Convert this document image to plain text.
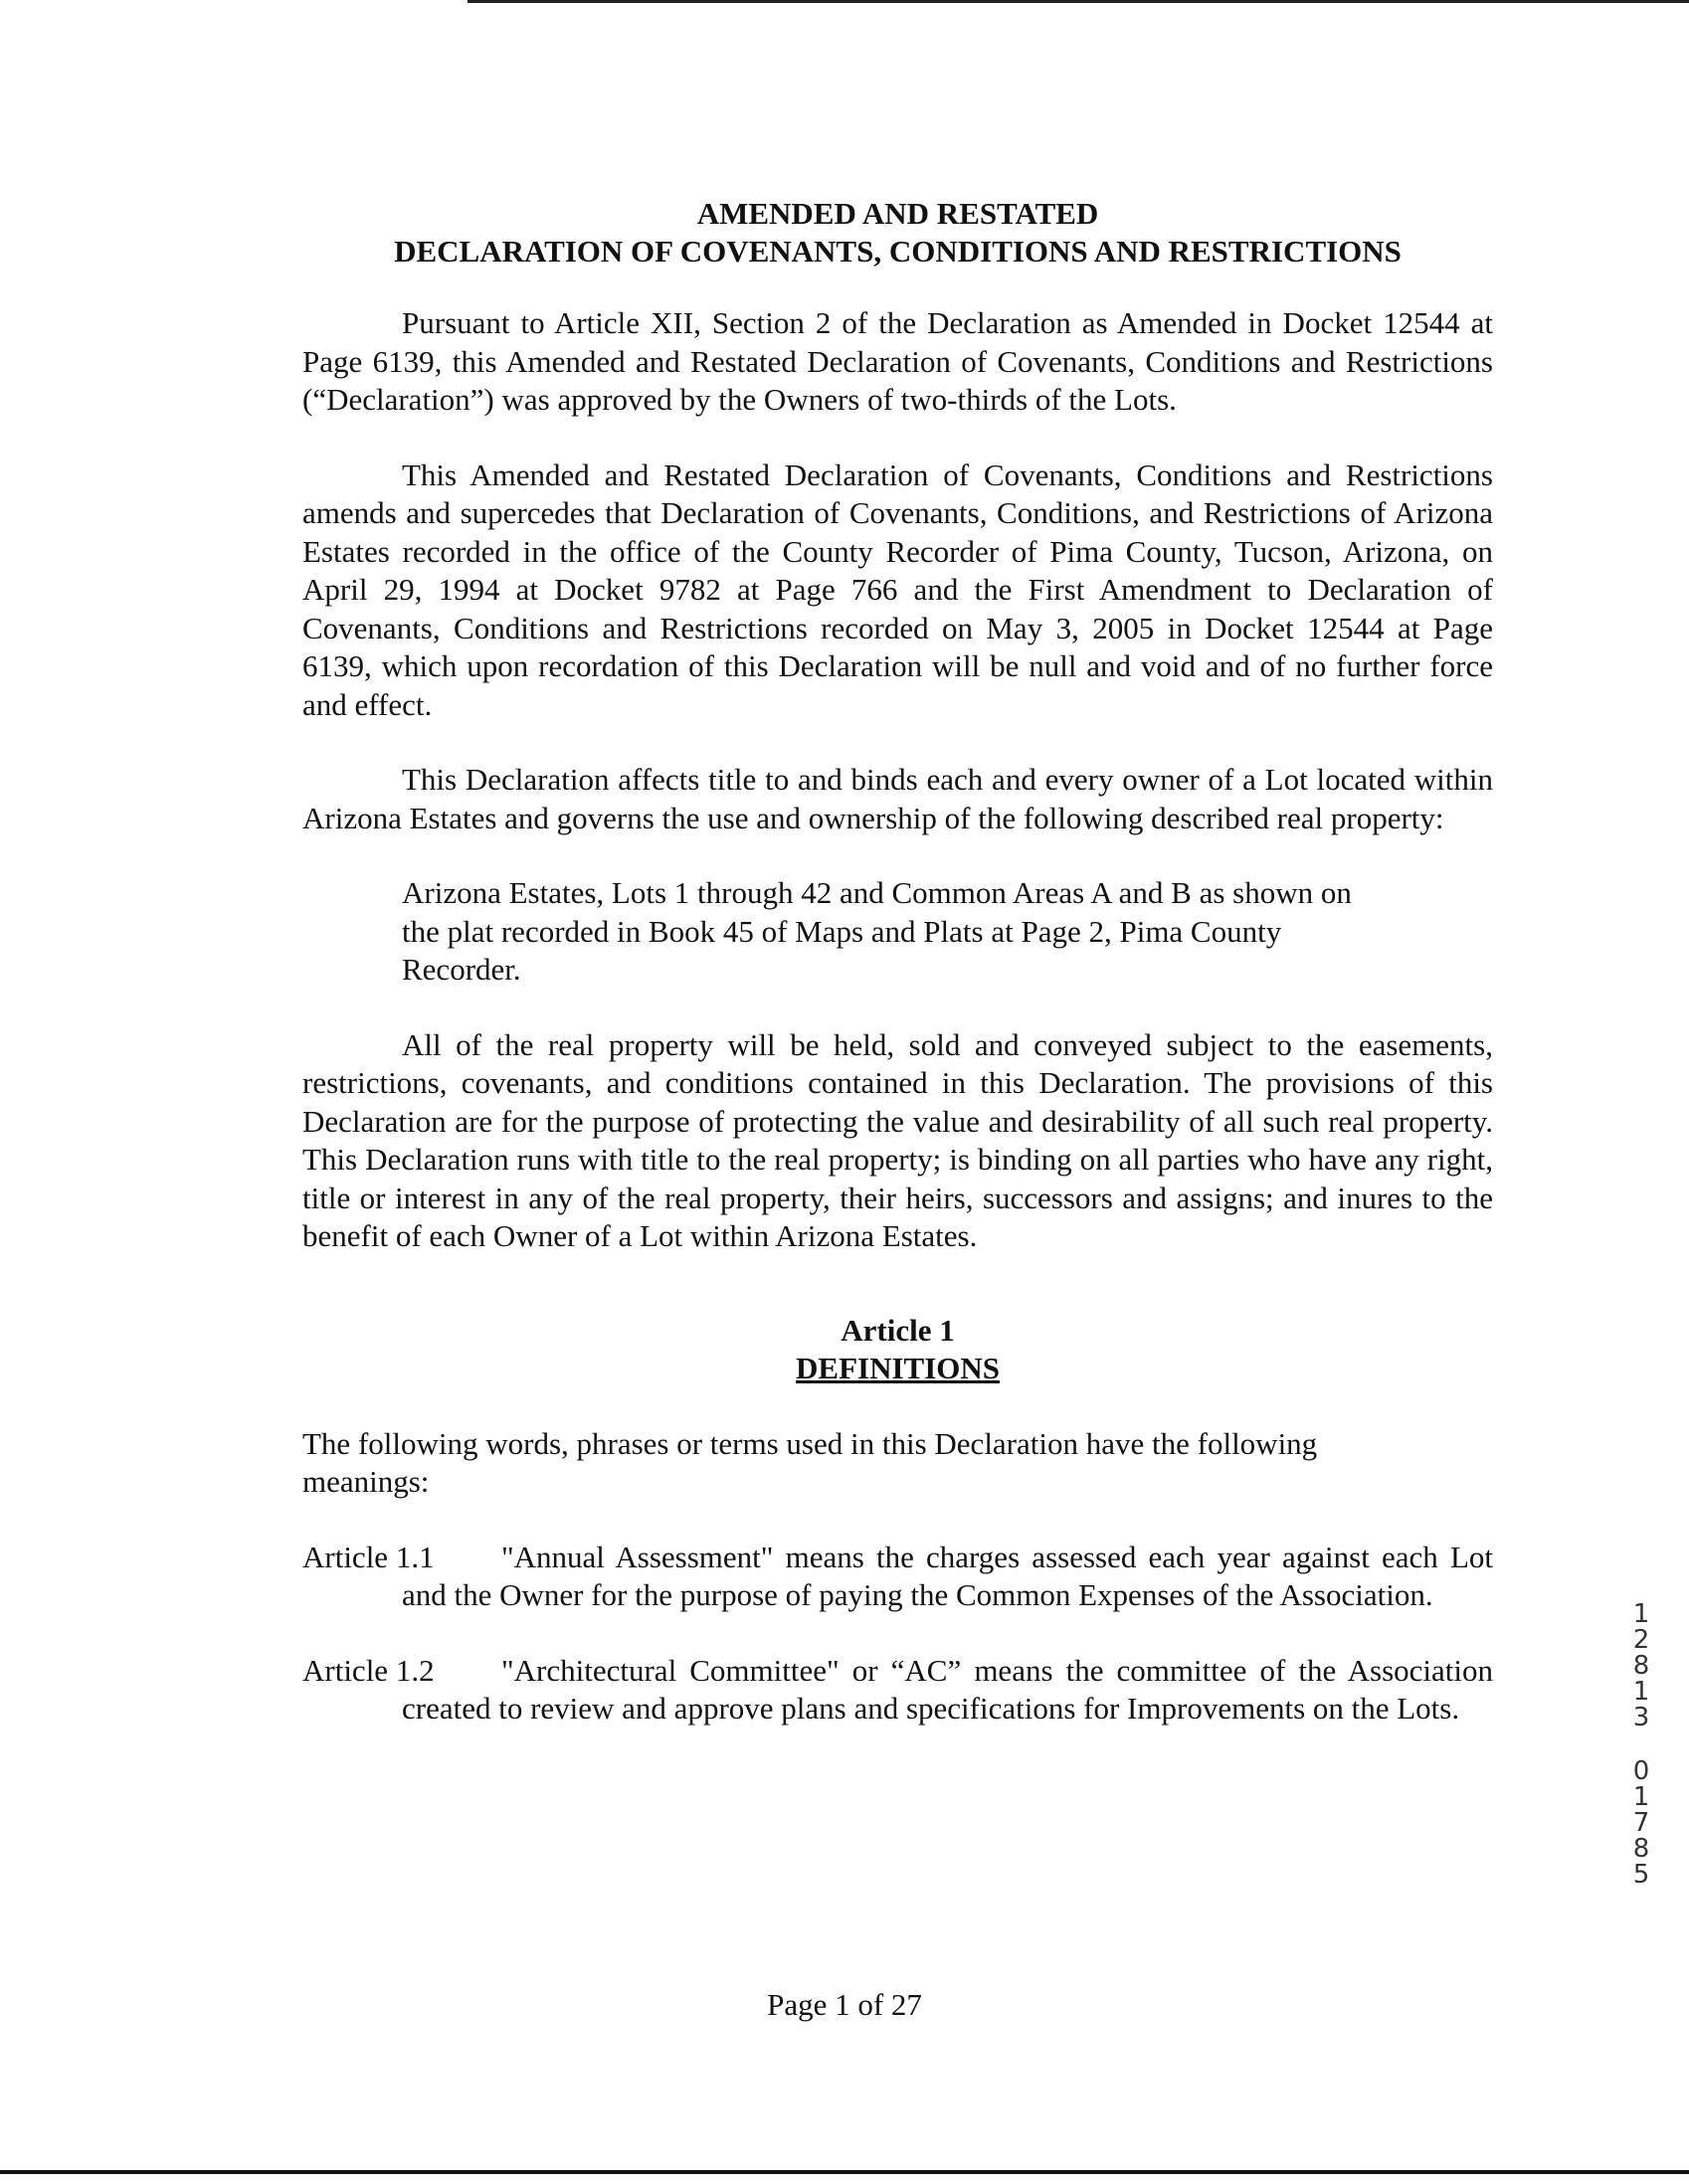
AMENDED AND RESTATED

DECLARATION OF COVENANTS, CONDITIONS AND RESTRICTIONS

Pursuant to Article XII, Section 2 of the Declaration as Amended in Docket 12544 at Page 6139, this Amended and Restated Declaration of Covenants, Conditions and Restrictions (“Declaration”) was approved by the Owners of two-thirds of the Lots.

This Amended and Restated Declaration of Covenants, Conditions and Restrictions amends and supercedes that Declaration of Covenants, Conditions, and Restrictions of Arizona Estates recorded in the office of the County Recorder of Pima County, Tucson, Arizona, on April 29, 1994 at Docket 9782 at Page 766 and the First Amendment to Declaration of Covenants, Conditions and Restrictions recorded on May 3, 2005 in Docket 12544 at Page 6139, which upon recordation of this Declaration will be null and void and of no further force and effect.

This Declaration affects title to and binds each and every owner of a Lot located within Arizona Estates and governs the use and ownership of the following described real property:

Arizona Estates, Lots 1 through 42 and Common Areas A and B as shown on the plat recorded in Book 45 of Maps and Plats at Page 2, Pima County Recorder.

All of the real property will be held, sold and conveyed subject to the easements, restrictions, covenants, and conditions contained in this Declaration. The provisions of this Declaration are for the purpose of protecting the value and desirability of all such real property. This Declaration runs with title to the real property; is binding on all parties who have any right, title or interest in any of the real property, their heirs, successors and assigns; and inures to the benefit of each Owner of a Lot within Arizona Estates.

Article 1

DEFINITIONS

The following words, phrases or terms used in this Declaration have the following meanings:

Article 1.1	"Annual Assessment" means the charges assessed each year against each Lot and the Owner for the purpose of paying the Common Expenses of the Association.

Article 1.2	"Architectural Committee" or “AC” means the committee of the Association created to review and approve plans and specifications for Improvements on the Lots.

1
2
8
1
3
0
1
7
8
5
Page 1 of 27
